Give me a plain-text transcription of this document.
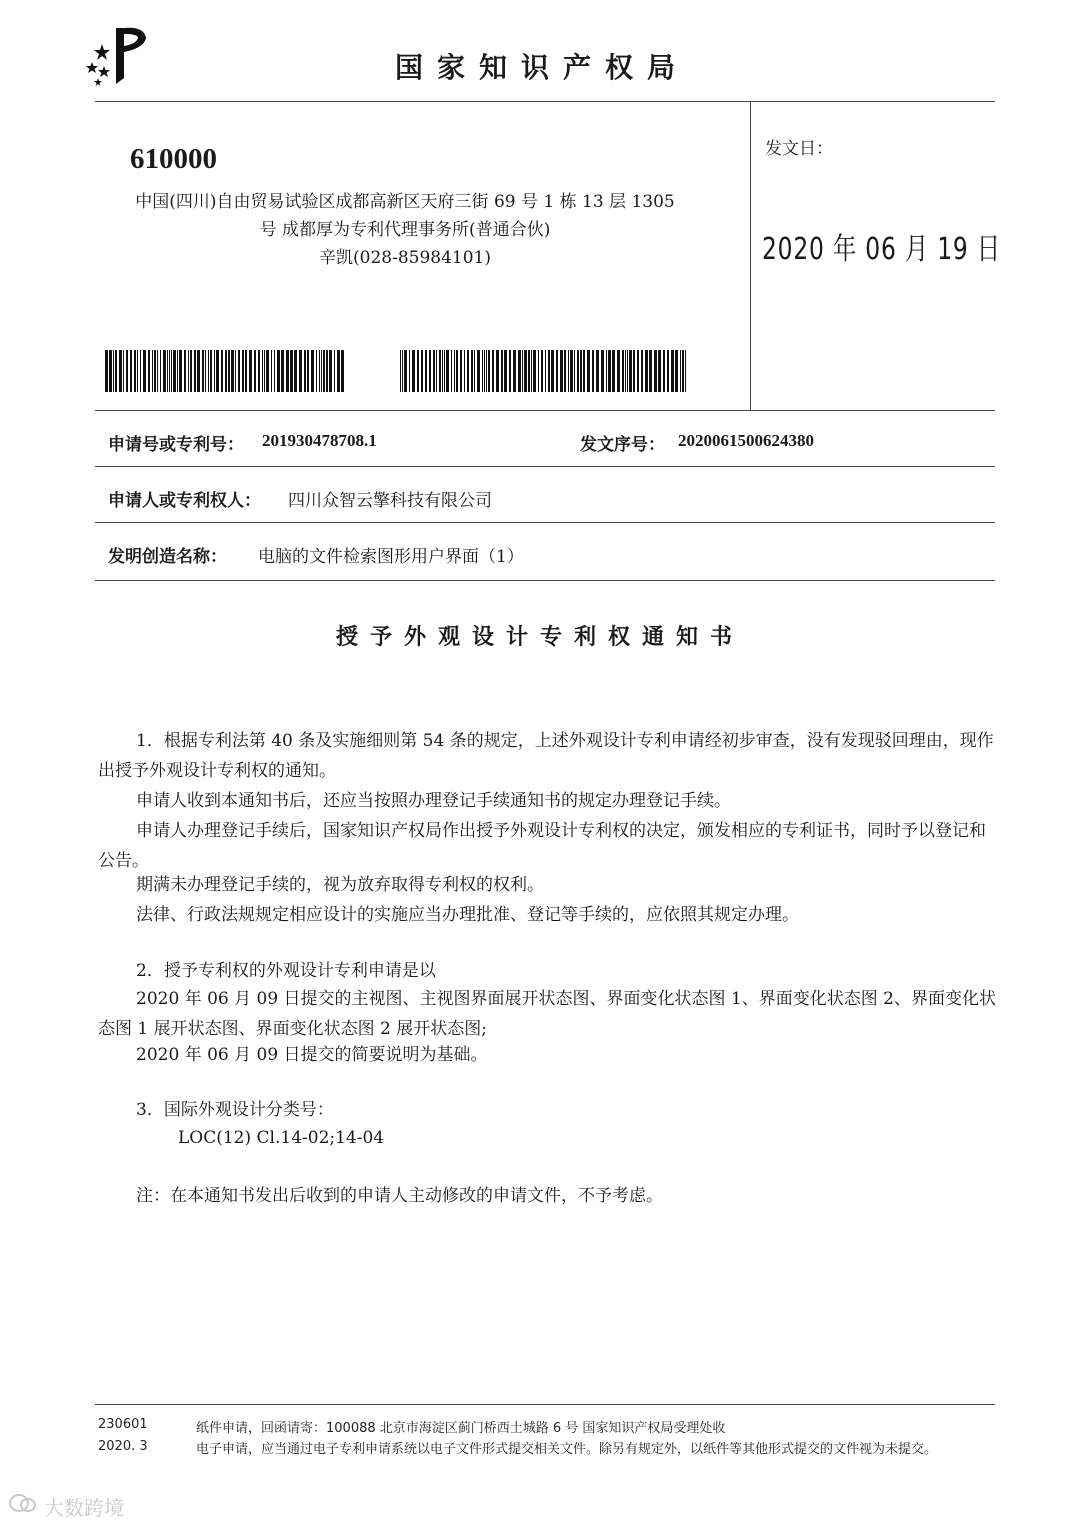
国家知识产权局
610000
中国(四川)自由贸易试验区成都高新区天府三街 69 号 1 栋 13 层 1305
号 成都厚为专利代理事务所(普通合伙)
辛凯(028-85984101)
发文日：
2020 年 06 月 19 日
申请号或专利号： 201930478708.1	发文序号： 2020061500624380
申请人或专利权人： 四川众智云擎科技有限公司
发明创造名称： 电脑的文件检索图形用户界面（1）
授予外观设计专利权通知书
1．根据专利法第 40 条及实施细则第 54 条的规定，上述外观设计专利申请经初步审查，没有发现驳回理由，现作出授予外观设计专利权的通知。
申请人收到本通知书后，还应当按照办理登记手续通知书的规定办理登记手续。
申请人办理登记手续后，国家知识产权局作出授予外观设计专利权的决定，颁发相应的专利证书，同时予以登记和公告。
期满未办理登记手续的，视为放弃取得专利权的权利。
法律、行政法规规定相应设计的实施应当办理批准、登记等手续的，应依照其规定办理。
2．授予专利权的外观设计专利申请是以
2020 年 06 月 09 日提交的主视图、主视图界面展开状态图、界面变化状态图 1、界面变化状态图 2、界面变化状态图 1 展开状态图、界面变化状态图 2 展开状态图;
2020 年 06 月 09 日提交的简要说明为基础。
3．国际外观设计分类号：
LOC(12) Cl.14-02;14-04
注：在本通知书发出后收到的申请人主动修改的申请文件，不予考虑。
230601
2020. 3
纸件申请，回函请寄：100088 北京市海淀区蓟门桥西土城路 6 号 国家知识产权局受理处收
电子申请，应当通过电子专利申请系统以电子文件形式提交相关文件。除另有规定外，以纸件等其他形式提交的文件视为未提交。
大数跨境
